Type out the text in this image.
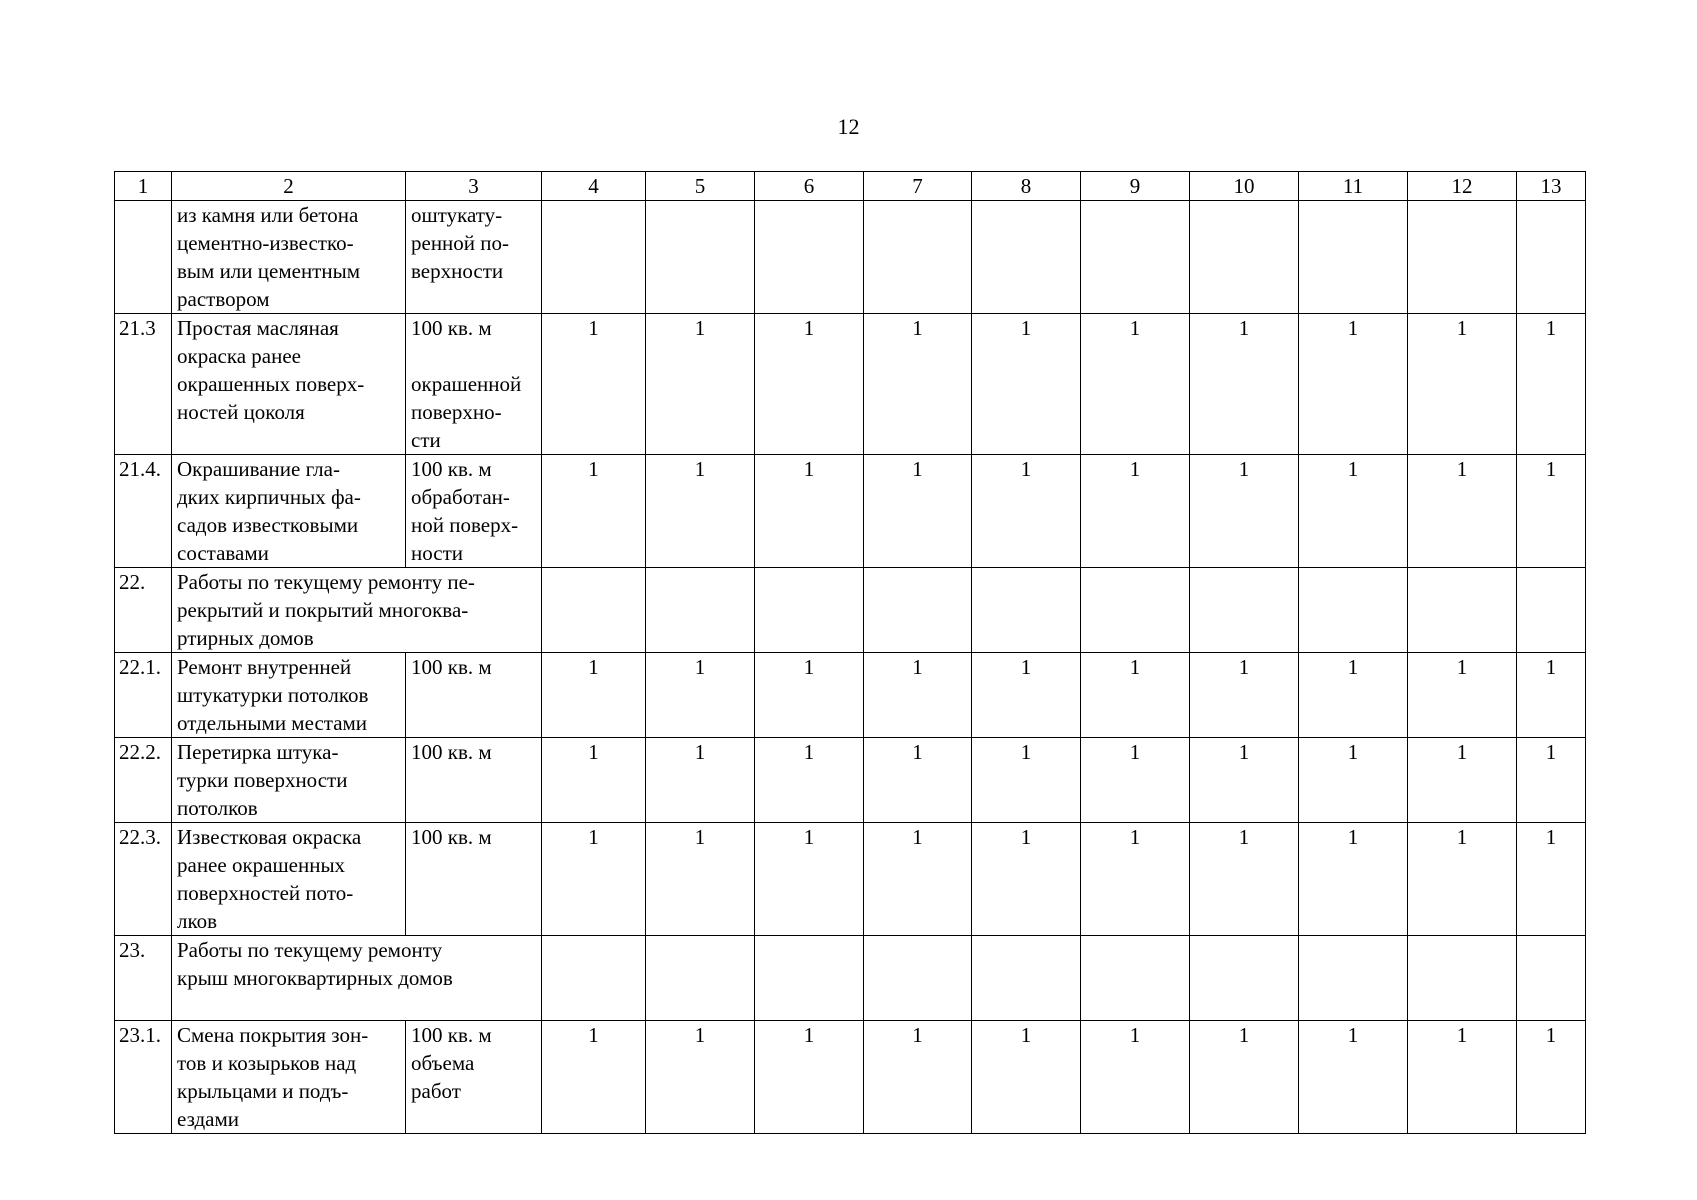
12
1	2	3	4	5	6	7	8	9	10	11	12	13
	из камня или бетона
цементно-известко-
вым или цементным
раствором	оштукату-
ренной по-
верхности										
21.3	Простая масляная
окраска ранее
окрашенных поверх-
ностей цоколя	100 кв. м

окрашенной
поверхно-
сти	1	1	1	1	1	1	1	1	1	1
21.4.	Окрашивание гла-
дких кирпичных фа-
садов известковыми
составами	100 кв. м
обработан-
ной поверх-
ности	1	1	1	1	1	1	1	1	1	1
22.	Работы по текущему ремонту пе-
рекрытий и покрытий многоква-
ртирных домов											
22.1.	Ремонт внутренней
штукатурки потолков
отдельными местами	100 кв. м	1	1	1	1	1	1	1	1	1	1
22.2.	Перетирка штука-
турки поверхности
потолков	100 кв. м	1	1	1	1	1	1	1	1	1	1
22.3.	Известковая окраска
ранее окрашенных
поверхностей пото-
лков	100 кв. м	1	1	1	1	1	1	1	1	1	1
23.	Работы по текущему ремонту
крыш многоквартирных домов											
23.1.	Смена покрытия зон-
тов и козырьков над
крыльцами и подъ-
ездами	100 кв. м
объема
работ	1	1	1	1	1	1	1	1	1	1
